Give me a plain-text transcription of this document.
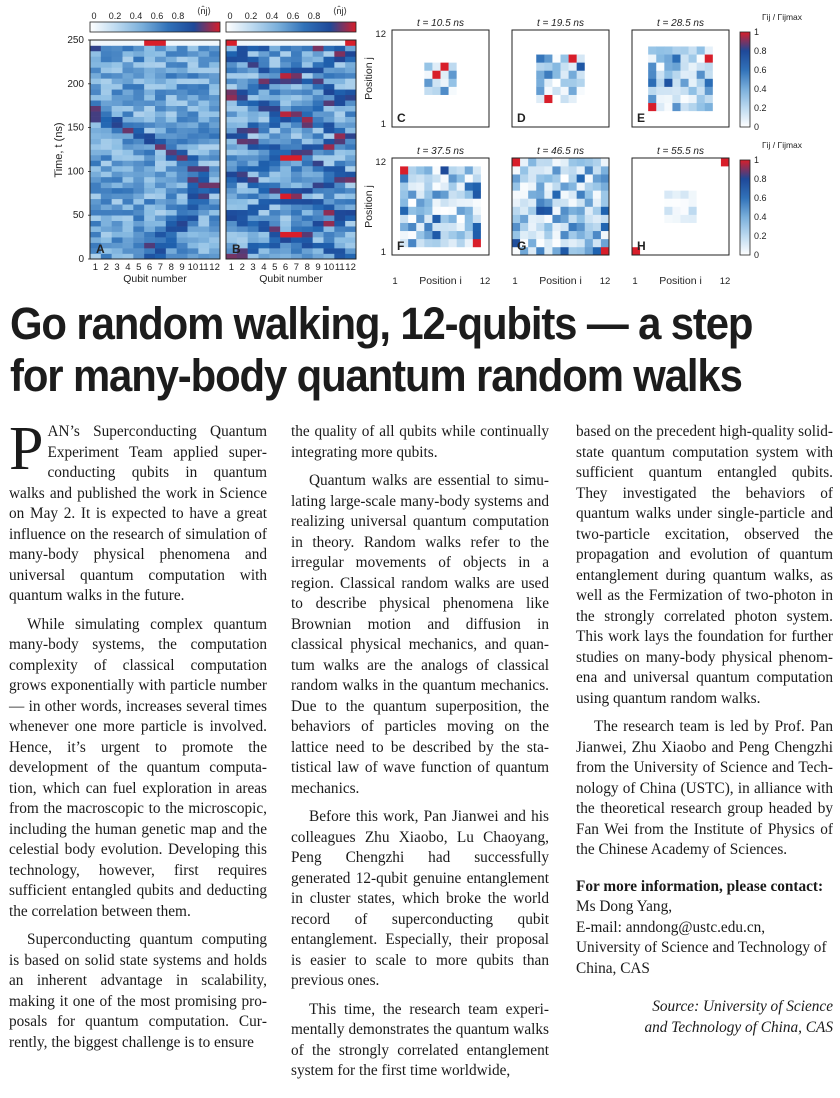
A
1 2 3 4 5 6 7 8 9 10 11 12
Qubit number
0 0.2 0.4 0.6 0.8 ⟨n̂j⟩
B
1 2 3 4 5 6 7 8 9 10 11 12
Qubit number
0 0.2 0.4 0.6 0.8 ⟨n̂j⟩
0
50
100
150
200
250
Time, t (ns)
t = 10.5 ns
C
t = 19.5 ns
D
t = 28.5 ns
E
t = 37.5 ns
F
t = 46.5 ns
G
t = 55.5 ns
H
12
1
Position j
12
1
Position j
1	12
Position i	1	12
Position i	1	12
Position i
0
0.2
0.4
0.6
0.8
1
Γij / Γijmax
0
0.2
0.4
0.6
0.8
1
Γij / Γijmax
Go random walking, 12-qubits — a step
for many-body quantum random walks

PAN’s Superconducting Quantum Experiment Team applied superconducting qubits in quantum walks and published the work in Science on May 2. It is expected to have a great influence on the research of simulation of many-body physical phenomena and universal quantum computation with quantum walks in the future.

While simulating complex quantum many-body systems, the computation complexity of classical computation grows exponentially with particle number — in other words, increases several times whenever one more particle is involved. Hence, it’s urgent to promote the development of the quantum computation, which can fuel exploration in areas from the macroscopic to the microscopic, including the human genetic map and the celestial body evolution. Developing this technology, however, first requires sufficient entangled qubits and deducting the correlation between them.

Superconducting quantum computing is based on solid state systems and holds an inherent advantage in scalability, making it one of the most promising proposals for quantum computation. Currently, the biggest challenge is to ensure

the quality of all qubits while continually integrating more qubits.

Quantum walks are essential to simulating large-scale many-body systems and realizing universal quantum computation in theory. Random walks refer to the irregular movements of objects in a region. Classical random walks are used to describe physical phenomena like Brownian motion and diffusion in classical physical mechanics, and quantum walks are the analogs of classical random walks in the quantum mechanics. Due to the quantum superposition, the behaviors of particles moving on the lattice need to be described by the statistical law of wave function of quantum mechanics.

Before this work, Pan Jianwei and his colleagues Zhu Xiaobo, Lu Chaoyang, Peng Chengzhi had successfully generated 12-qubit genuine entanglement in cluster states, which broke the world record of superconducting qubit entanglement. Especially, their proposal is easier to scale to more qubits than previous ones.

This time, the research team experimentally demonstrates the quantum walks of the strongly correlated entanglement system for the first time worldwide,

based on the precedent high-quality solid-state quantum computation system with sufficient quantum entangled qubits. They investigated the behaviors of quantum walks under single-particle and two-particle excitation, observed the propagation and evolution of quantum entanglement during quantum walks, as well as the Fermization of two-photon in the strongly correlated photon system. This work lays the foundation for further studies on many-body physical phenomena and universal quantum computation using quantum random walks.

The research team is led by Prof. Pan Jianwei, Zhu Xiaobo and Peng Chengzhi from the University of Science and Technology of China (USTC), in alliance with the theoretical research group headed by Fan Wei from the Institute of Physics of the Chinese Academy of Sciences.

For more information, please contact:

Ms Dong Yang,

E-mail: anndong@ustc.edu.cn,

University of Science and Technology of

China, CAS

Source: University of Science
and Technology of China, CAS
